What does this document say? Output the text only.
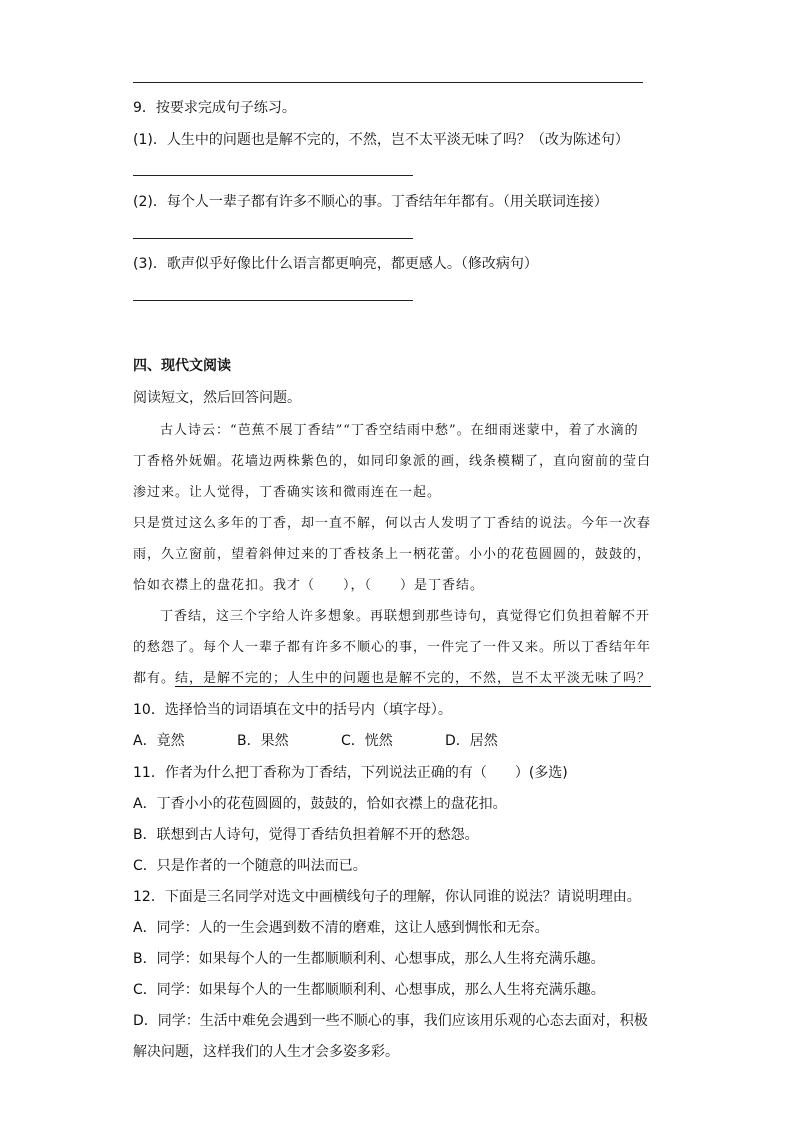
9．按要求完成句子练习。
(1)．人生中的问题也是解不完的，不然，岂不太平淡无味了吗？（改为陈述句）
(2)．每个人一辈子都有许多不顺心的事。丁香结年年都有。（用关联词连接）
(3)．歌声似乎好像比什么语言都更响亮，都更感人。（修改病句）
四、现代文阅读
阅读短文，然后回答问题。
古人诗云：“芭蕉不展丁香结”“丁香空结雨中愁”。在细雨迷蒙中，着了水滴的
丁香格外妩媚。花墙边两株紫色的，如同印象派的画，线条模糊了，直向窗前的莹白
渗过来。让人觉得，丁香确实该和微雨连在一起。
只是赏过这么多年的丁香，却一直不解，何以古人发明了丁香结的说法。今年一次春
雨，久立窗前，望着斜伸过来的丁香枝条上一柄花蕾。小小的花苞圆圆的，鼓鼓的，
恰如衣襟上的盘花扣。我才（　　），（　　）是丁香结。
丁香结，这三个字给人许多想象。再联想到那些诗句，真觉得它们负担着解不开
的愁怨了。每个人一辈子都有许多不顺心的事，一件完了一件又来。所以丁香结年年
都有。结，是解不完的；人生中的问题也是解不完的，不然，岂不太平淡无味了吗？
10．选择恰当的词语填在文中的括号内（填字母）。
A．竟然	B．果然	C．恍然	D．居然
11．作者为什么把丁香称为丁香结，下列说法正确的有（　　）(多选)
A．丁香小小的花苞圆圆的，鼓鼓的，恰如衣襟上的盘花扣。
B．联想到古人诗句，觉得丁香结负担着解不开的愁怨。
C．只是作者的一个随意的叫法而已。
12．下面是三名同学对选文中画横线句子的理解，你认同谁的说法？请说明理由。
A．同学：人的一生会遇到数不清的磨难，这让人感到惆怅和无奈。
B．同学：如果每个人的一生都顺顺利利、心想事成，那么人生将充满乐趣。
C．同学：如果每个人的一生都顺顺利利、心想事成，那么人生将充满乐趣。
D．同学：生活中难免会遇到一些不顺心的事，我们应该用乐观的心态去面对，积极
解决问题，这样我们的人生才会多姿多彩。
